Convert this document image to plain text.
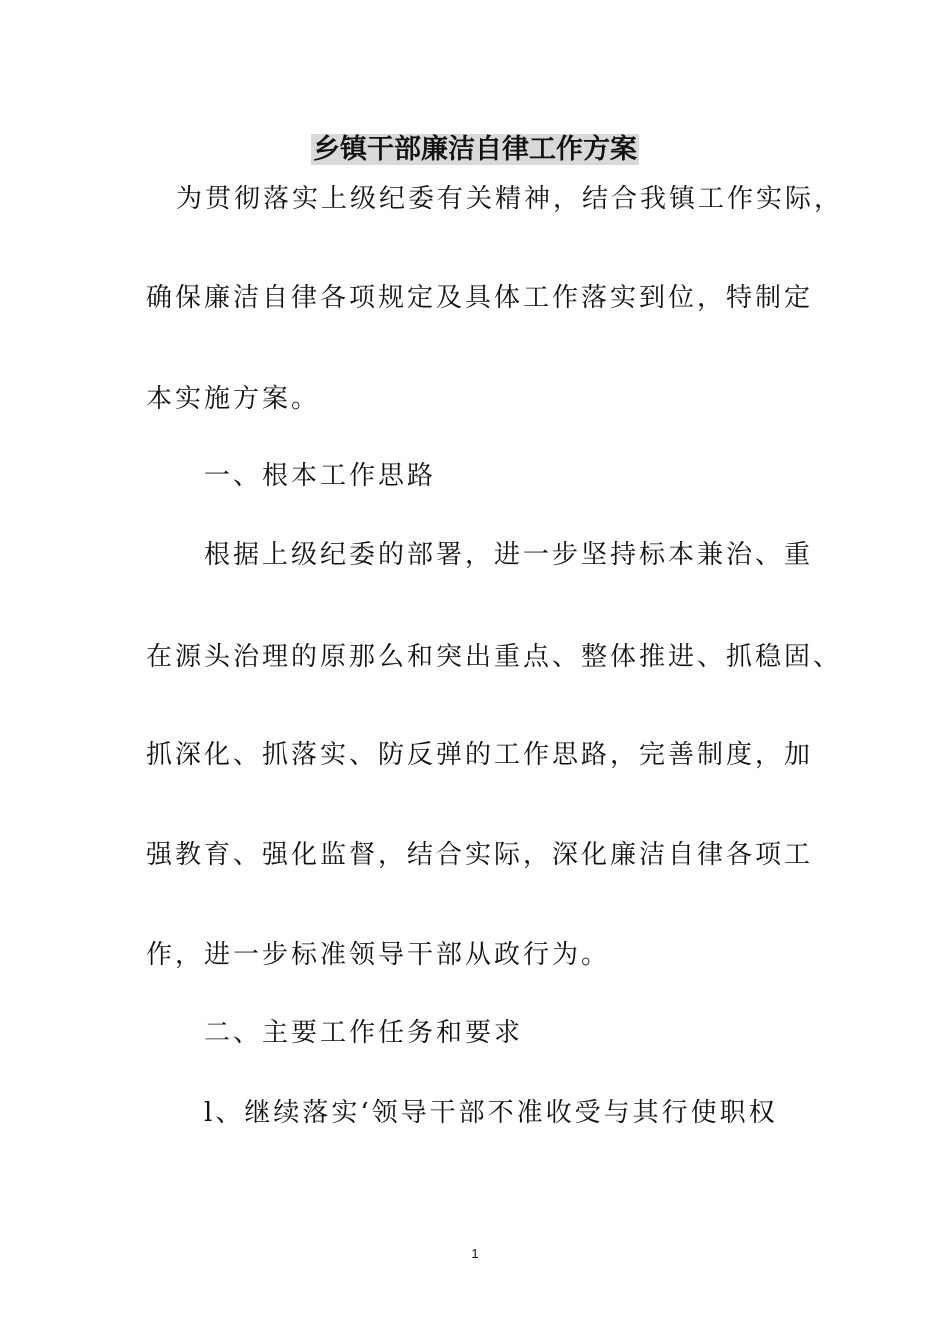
乡镇干部廉洁自律工作方案
为贯彻落实上级纪委有关精神，结合我镇工作实际，
确保廉洁自律各项规定及具体工作落实到位，特制定
本实施方案。
一、根本工作思路
根据上级纪委的部署，进一步坚持标本兼治、重
在源头治理的原那么和突出重点、整体推进、抓稳固、
抓深化、抓落实、防反弹的工作思路，完善制度，加
强教育、强化监督，结合实际，深化廉洁自律各项工
作，进一步标准领导干部从政行为。
二、主要工作任务和要求
l、继续落实‘领导干部不准收受与其行使职权
1
